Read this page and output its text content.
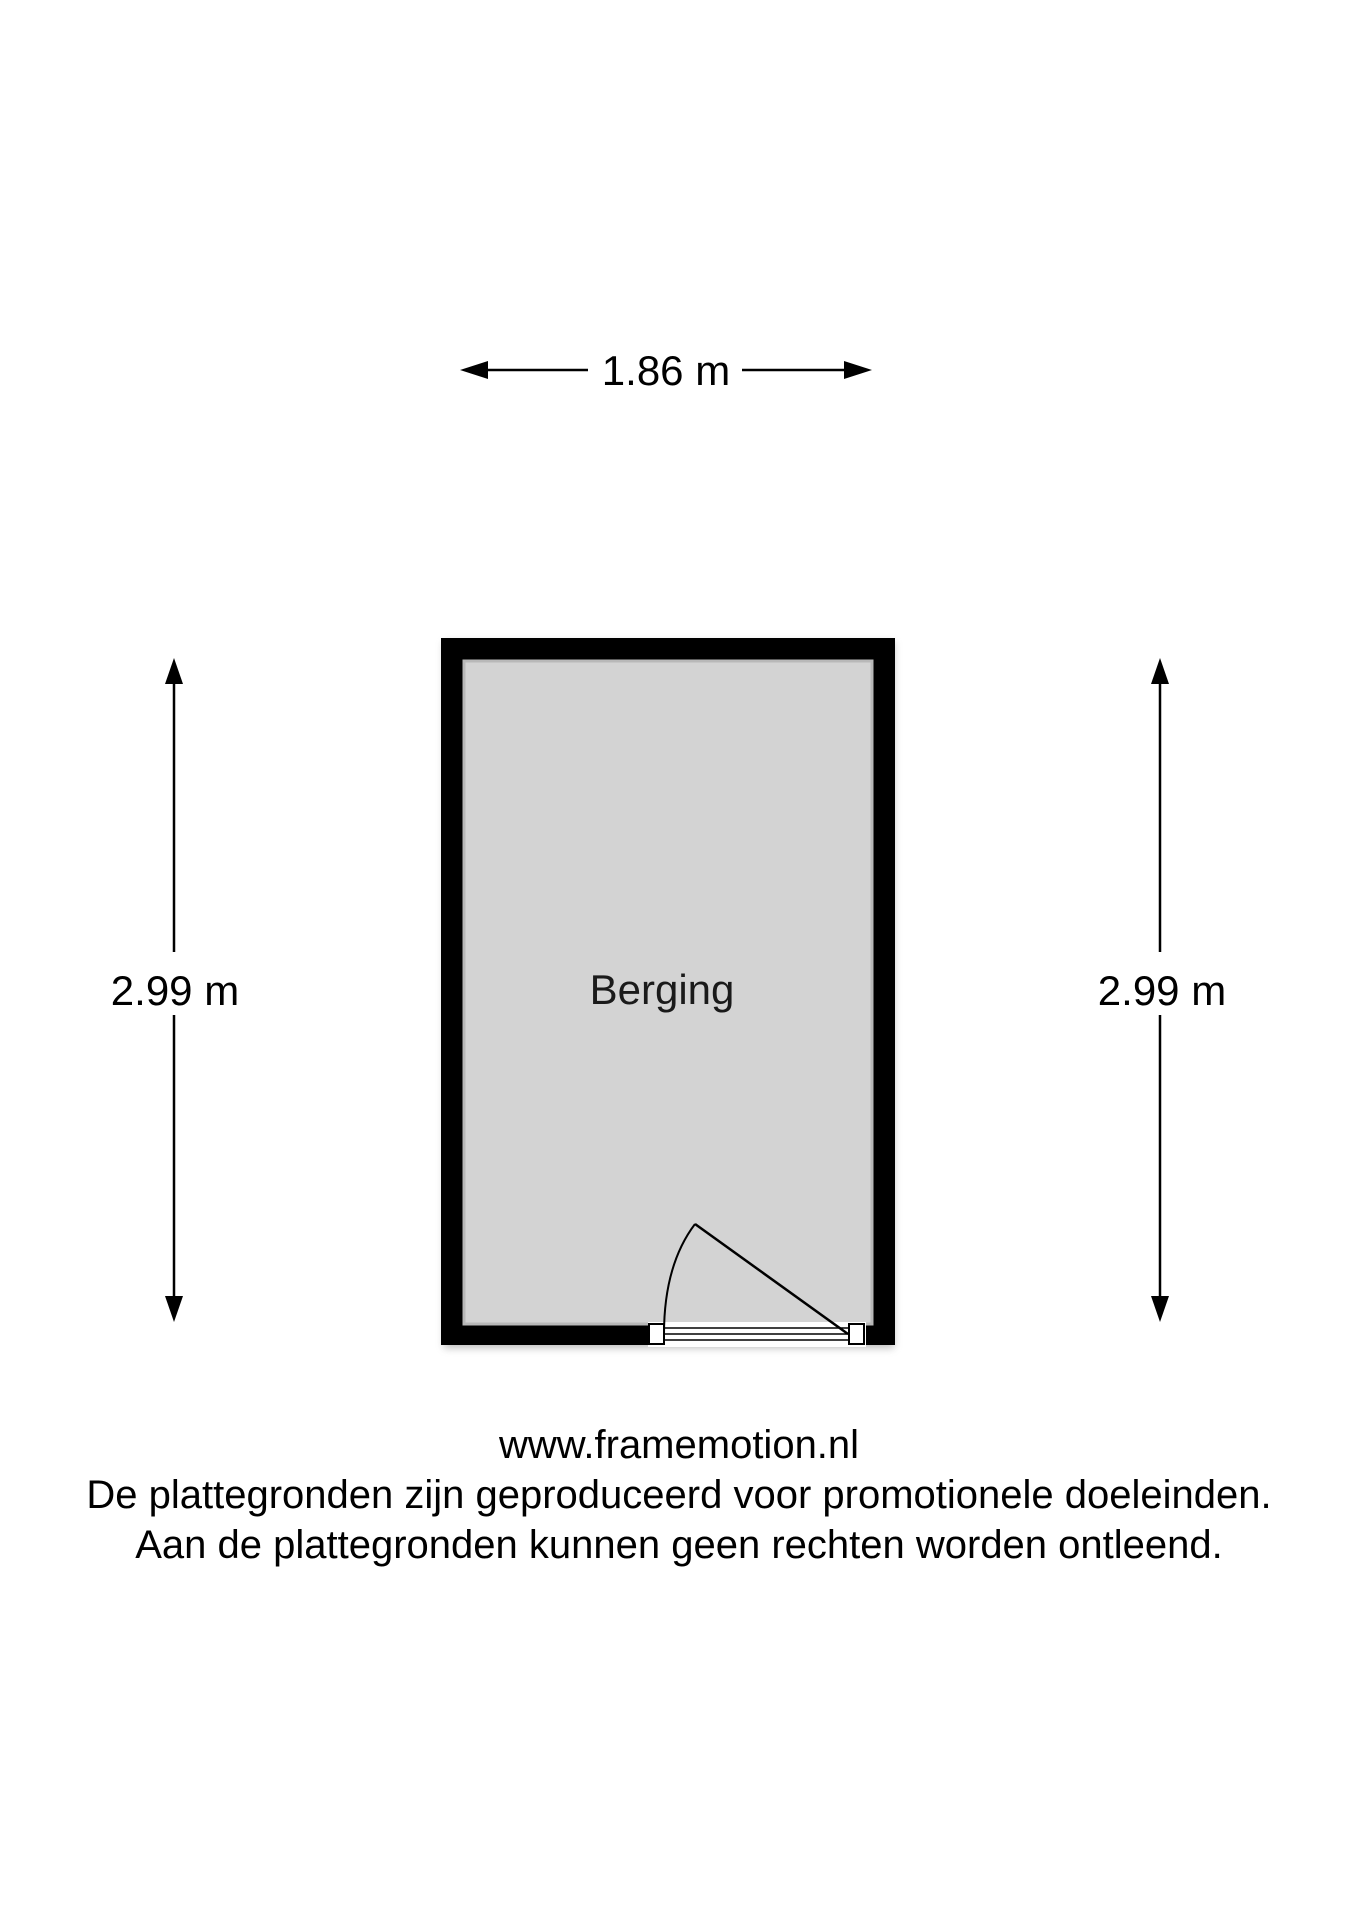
1.86 m
2.99 m	2.99 m
Berging
www.framemotion.nl
De plattegronden zijn geproduceerd voor promotionele doeleinden.
Aan de plattegronden kunnen geen rechten worden ontleend.
